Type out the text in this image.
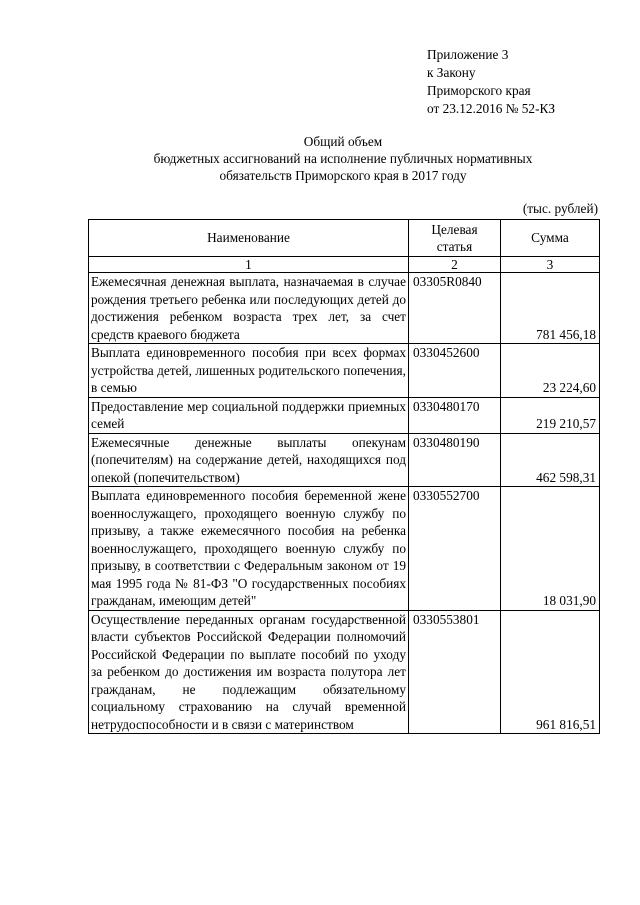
Приложение 3
к Закону
Приморского края
от 23.12.2016 № 52-КЗ
Общий объем
бюджетных ассигнований на исполнение публичных нормативных
обязательств Приморского края в 2017 году
(тыс. рублей)
Наименование	Целевая статья	Сумма
1	2	3
Ежемесячная денежная выплата, назначаемая в случае рождения третьего ребенка или последующих детей до достижения ребенком возраста трех лет, за счет средств краевого бюджета	03305R0840	781 456,18
Выплата единовременного пособия при всех формах устройства детей, лишенных родительского попечения, в семью	0330452600	23 224,60
Предоставление мер социальной поддержки приемных семей	0330480170	219 210,57
Ежемесячные денежные выплаты опекунам (попечителям) на содержание детей, находящихся под опекой (попечительством)	0330480190	462 598,31
Выплата единовременного пособия беременной жене военнослужащего, проходящего военную службу по призыву, а также ежемесячного пособия на ребенка военнослужащего, проходящего военную службу по призыву, в соответствии с Федеральным законом от 19 мая 1995 года № 81-ФЗ "О государственных пособиях гражданам, имеющим детей"	0330552700	18 031,90
Осуществление переданных органам государственной власти субъектов Российской Федерации полномочий Российской Федерации по выплате пособий по уходу за ребенком до достижения им возраста полутора лет гражданам, не подлежащим обязательному социальному страхованию на случай временной нетрудоспособности и в связи с материнством	0330553801	961 816,51
